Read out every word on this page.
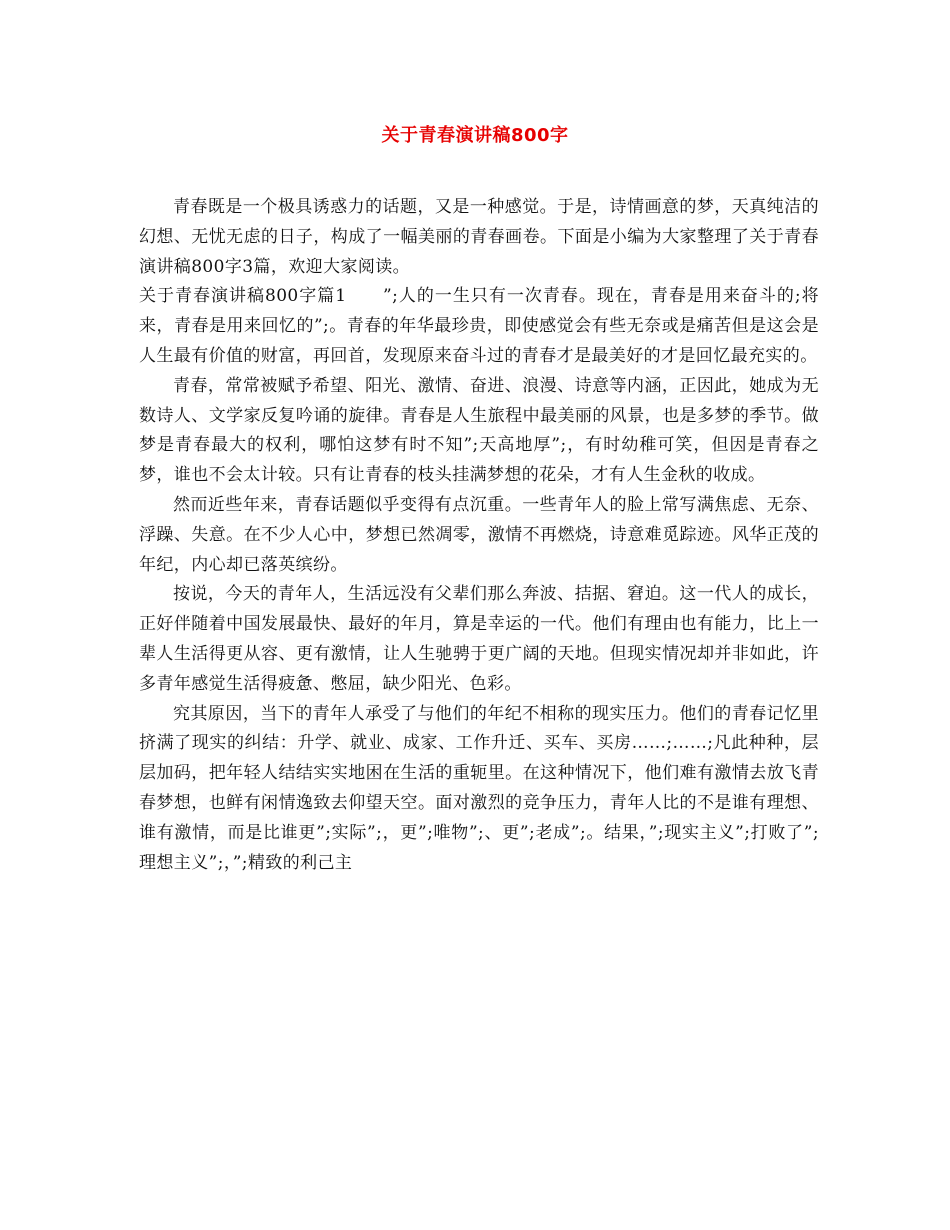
关于青春演讲稿800字

青春既是一个极具诱惑力的话题，又是一种感觉。于是，诗情画意的梦，天真纯洁的幻想、无忧无虑的日子，构成了一幅美丽的青春画卷。下面是小编为大家整理了关于青春演讲稿800字3篇，欢迎大家阅读。

关于青春演讲稿800字篇1　　”;人的一生只有一次青春。现在，青春是用来奋斗的;将来，青春是用来回忆的”;。青春的年华最珍贵，即使感觉会有些无奈或是痛苦但是这会是人生最有价值的财富，再回首，发现原来奋斗过的青春才是最美好的才是回忆最充实的。

青春，常常被赋予希望、阳光、激情、奋进、浪漫、诗意等内涵，正因此，她成为无数诗人、文学家反复吟诵的旋律。青春是人生旅程中最美丽的风景，也是多梦的季节。做梦是青春最大的权利，哪怕这梦有时不知”;天高地厚”;，有时幼稚可笑，但因是青春之梦，谁也不会太计较。只有让青春的枝头挂满梦想的花朵，才有人生金秋的收成。

然而近些年来，青春话题似乎变得有点沉重。一些青年人的脸上常写满焦虑、无奈、浮躁、失意。在不少人心中，梦想已然凋零，激情不再燃烧，诗意难觅踪迹。风华正茂的年纪，内心却已落英缤纷。

按说，今天的青年人，生活远没有父辈们那么奔波、拮据、窘迫。这一代人的成长，正好伴随着中国发展最快、最好的年月，算是幸运的一代。他们有理由也有能力，比上一辈人生活得更从容、更有激情，让人生驰骋于更广阔的天地。但现实情况却并非如此，许多青年感觉生活得疲惫、憋屈，缺少阳光、色彩。

究其原因，当下的青年人承受了与他们的年纪不相称的现实压力。他们的青春记忆里挤满了现实的纠结：升学、就业、成家、工作升迁、买车、买房……;……;凡此种种，层层加码，把年轻人结结实实地困在生活的重轭里。在这种情况下，他们难有激情去放飞青春梦想，也鲜有闲情逸致去仰望天空。面对激烈的竞争压力，青年人比的不是谁有理想、谁有激情，而是比谁更”;实际”;，更”;唯物”;、更”;老成”;。结果，”;现实主义”;打败了”;理想主义”;，”;精致的利己主
